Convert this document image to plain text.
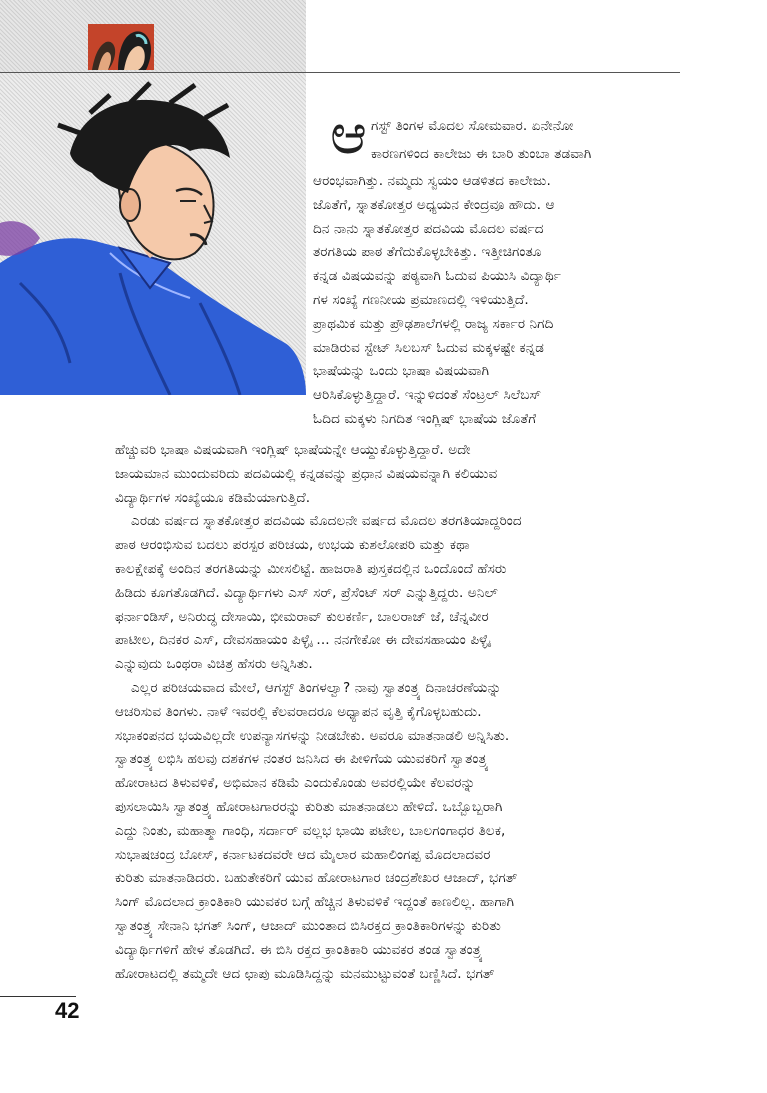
ಆ ಗಸ್ಟ್ ತಿಂಗಳ ಮೊದಲ ಸೋಮವಾರ. ಏನೇನೋ
ಕಾರಣಗಳಿಂದ ಕಾಲೇಜು ಈ ಬಾರಿ ತುಂಬಾ ತಡವಾಗಿ
ಆರಂಭವಾಗಿತ್ತು. ನಮ್ಮದು ಸ್ವಯಂ ಆಡಳಿತದ ಕಾಲೇಜು.
ಜೊತೆಗೆ, ಸ್ನಾತಕೋತ್ತರ ಅಧ್ಯಯನ ಕೇಂದ್ರವೂ ಹೌದು. ಆ
ದಿನ ನಾನು ಸ್ನಾತಕೋತ್ತರ ಪದವಿಯ ಮೊದಲ ವರ್ಷದ
ತರಗತಿಯ ಪಾಠ ತೆಗೆದುಕೊಳ್ಳಬೇಕಿತ್ತು. ಇತ್ತೀಚಿಗಂತೂ
ಕನ್ನಡ ವಿಷಯವನ್ನು ಪಠ್ಯವಾಗಿ ಓದುವ ಪಿಯುಸಿ ವಿದ್ಯಾರ್ಥಿ
ಗಳ ಸಂಖ್ಯೆ ಗಣನೀಯ ಪ್ರಮಾಣದಲ್ಲಿ ಇಳಿಯುತ್ತಿದೆ.
ಪ್ರಾಥಮಿಕ ಮತ್ತು ಪ್ರೌಢಶಾಲೆಗಳಲ್ಲಿ ರಾಜ್ಯ ಸರ್ಕಾರ ನಿಗದಿ
ಮಾಡಿರುವ ಸ್ಟೇಟ್ ಸಿಲಬಸ್ ಓದುವ ಮಕ್ಕಳಷ್ಟೇ ಕನ್ನಡ
ಭಾಷೆಯನ್ನು ಒಂದು ಭಾಷಾ ವಿಷಯವಾಗಿ
ಆರಿಸಿಕೊಳ್ಳುತ್ತಿದ್ದಾರೆ. ಇನ್ನುಳಿದಂತೆ ಸೆಂಟ್ರಲ್ ಸಿಲೆಬಸ್
ಓದಿದ ಮಕ್ಕಳು ನಿಗದಿತ ಇಂಗ್ಲಿಷ್ ಭಾಷೆಯ ಜೊತೆಗೆ
ಹೆಚ್ಚುವರಿ ಭಾಷಾ ವಿಷಯವಾಗಿ ಇಂಗ್ಲಿಷ್ ಭಾಷೆಯನ್ನೇ ಆಯ್ದುಕೊಳ್ಳುತ್ತಿದ್ದಾರೆ. ಅದೇ
ಜಾಯಮಾನ ಮುಂದುವರಿದು ಪದವಿಯಲ್ಲಿ ಕನ್ನಡವನ್ನು ಪ್ರಧಾನ ವಿಷಯವನ್ನಾಗಿ ಕಲಿಯುವ
ವಿದ್ಯಾರ್ಥಿಗಳ ಸಂಖ್ಯೆಯೂ ಕಡಿಮೆಯಾಗುತ್ತಿದೆ.
ಎರಡು ವರ್ಷದ ಸ್ನಾತಕೋತ್ತರ ಪದವಿಯ ಮೊದಲನೇ ವರ್ಷದ ಮೊದಲ ತರಗತಿಯಾದ್ದರಿಂದ
ಪಾಠ ಆರಂಭಿಸುವ ಬದಲು ಪರಸ್ಪರ ಪರಿಚಯ, ಉಭಯ ಕುಶಲೋಪರಿ ಮತ್ತು ಕಥಾ
ಕಾಲಕ್ಷೇಪಕ್ಕೆ ಅಂದಿನ ತರಗತಿಯನ್ನು ಮೀಸಲಿಟ್ಟೆ. ಹಾಜರಾತಿ ಪುಸ್ತಕದಲ್ಲಿನ ಒಂದೊಂದೆ ಹೆಸರು
ಹಿಡಿದು ಕೂಗತೊಡಗಿದೆ. ವಿದ್ಯಾರ್ಥಿಗಳು ಎಸ್ ಸರ್, ಪ್ರೆಸೆಂಟ್ ಸರ್ ಎನ್ನುತ್ತಿದ್ದರು. ಅನಿಲ್
ಫರ್ನಾಂಡಿಸ್, ಅನಿರುದ್ಧ ದೇಸಾಯಿ, ಭೀಮರಾವ್ ಕುಲಕರ್ಣಿ, ಬಾಲರಾಜ್ ಜೆ, ಚೆನ್ನವೀರ
ಪಾಟೀಲ, ದಿನಕರ ಎಸ್, ದೇವಸಹಾಯಂ ಪಿಳ್ಳೈ ... ನನಗೇಕೋ ಈ ದೇವಸಹಾಯಂ ಪಿಳ್ಳೈ
ಎನ್ನುವುದು ಒಂಥರಾ ವಿಚಿತ್ರ ಹೆಸರು ಅನ್ನಿಸಿತು.
ಎಲ್ಲರ ಪರಿಚಯವಾದ ಮೇಲೆ, ಆಗಸ್ಟ್ ತಿಂಗಳಲ್ವಾ? ನಾವು ಸ್ವಾತಂತ್ರ್ಯ ದಿನಾಚರಣೆಯನ್ನು
ಆಚರಿಸುವ ತಿಂಗಳು. ನಾಳೆ ಇವರಲ್ಲಿ ಕೆಲವರಾದರೂ ಅಧ್ಯಾಪನ ವೃತ್ತಿ ಕೈಗೊಳ್ಳಬಹುದು.
ಸಭಾಕಂಪನದ ಭಯವಿಲ್ಲದೇ ಉಪನ್ಯಾಸಗಳನ್ನು ನೀಡಬೇಕು. ಅವರೂ ಮಾತನಾಡಲಿ ಅನ್ನಿಸಿತು.
ಸ್ವಾತಂತ್ರ್ಯ ಲಭಿಸಿ ಹಲವು ದಶಕಗಳ ನಂತರ ಜನಿಸಿದ ಈ ಪೀಳಿಗೆಯ ಯುವಕರಿಗೆ ಸ್ವಾತಂತ್ರ್ಯ
ಹೋರಾಟದ ತಿಳುವಳಿಕೆ, ಅಭಿಮಾನ ಕಡಿಮೆ ಎಂದುಕೊಂಡು ಅವರಲ್ಲಿಯೇ ಕೆಲವರನ್ನು
ಪುಸಲಾಯಿಸಿ ಸ್ವಾತಂತ್ರ್ಯ ಹೋರಾಟಗಾರರನ್ನು ಕುರಿತು ಮಾತನಾಡಲು ಹೇಳಿದೆ. ಒಬ್ಬೊಬ್ಬರಾಗಿ
ಎದ್ದು ನಿಂತು, ಮಹಾತ್ಮಾ ಗಾಂಧಿ, ಸರ್ದಾರ್ ವಲ್ಲಭ ಭಾಯಿ ಪಟೇಲ, ಬಾಲಗಂಗಾಧರ ತಿಲಕ,
ಸುಭಾಷಚಂದ್ರ ಬೋಸ್, ಕರ್ನಾಟಕದವರೇ ಆದ ಮೈಲಾರ ಮಹಾಲಿಂಗಪ್ಪ ಮೊದಲಾದವರ
ಕುರಿತು ಮಾತನಾಡಿದರು. ಬಹುತೇಕರಿಗೆ ಯುವ ಹೋರಾಟಗಾರ ಚಂದ್ರಶೇಖರ ಆಜಾದ್, ಭಗತ್
ಸಿಂಗ್ ಮೊದಲಾದ ಕ್ರಾಂತಿಕಾರಿ ಯುವಕರ ಬಗ್ಗೆ ಹೆಚ್ಚಿನ ತಿಳುವಳಿಕೆ ಇದ್ದಂತೆ ಕಾಣಲಿಲ್ಲ. ಹಾಗಾಗಿ
ಸ್ವಾತಂತ್ರ್ಯ ಸೇನಾನಿ ಭಗತ್ ಸಿಂಗ್, ಆಜಾದ್ ಮುಂತಾದ ಬಿಸಿರಕ್ತದ ಕ್ರಾಂತಿಕಾರಿಗಳನ್ನು ಕುರಿತು
ವಿದ್ಯಾರ್ಥಿಗಳಿಗೆ ಹೇಳ ತೊಡಗಿದೆ. ಈ ಬಿಸಿ ರಕ್ತದ ಕ್ರಾಂತಿಕಾರಿ ಯುವಕರ ತಂಡ ಸ್ವಾತಂತ್ರ್ಯ
ಹೋರಾಟದಲ್ಲಿ ತಮ್ಮದೇ ಆದ ಛಾಪು ಮೂಡಿಸಿದ್ದನ್ನು ಮನಮುಟ್ಟುವಂತೆ ಬಣ್ಣಿಸಿದೆ. ಭಗತ್
42
